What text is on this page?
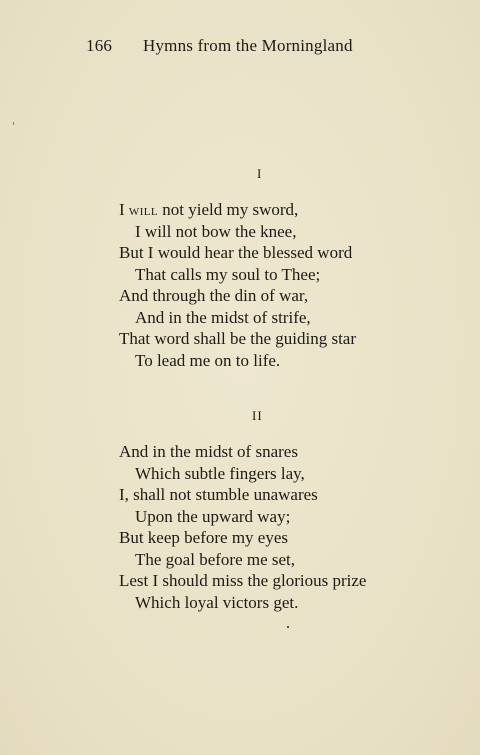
166 Hymns from the Morningland
I
I will not yield my sword,
I will not bow the knee,
But I would hear the blessed word
That calls my soul to Thee;
And through the din of war,
And in the midst of strife,
That word shall be the guiding star
To lead me on to life.
II
And in the midst of snares
Which subtle fingers lay,
I, shall not stumble unawares
Upon the upward way;
But keep before my eyes
The goal before me set,
Lest I should miss the glorious prize
Which loyal victors get.
